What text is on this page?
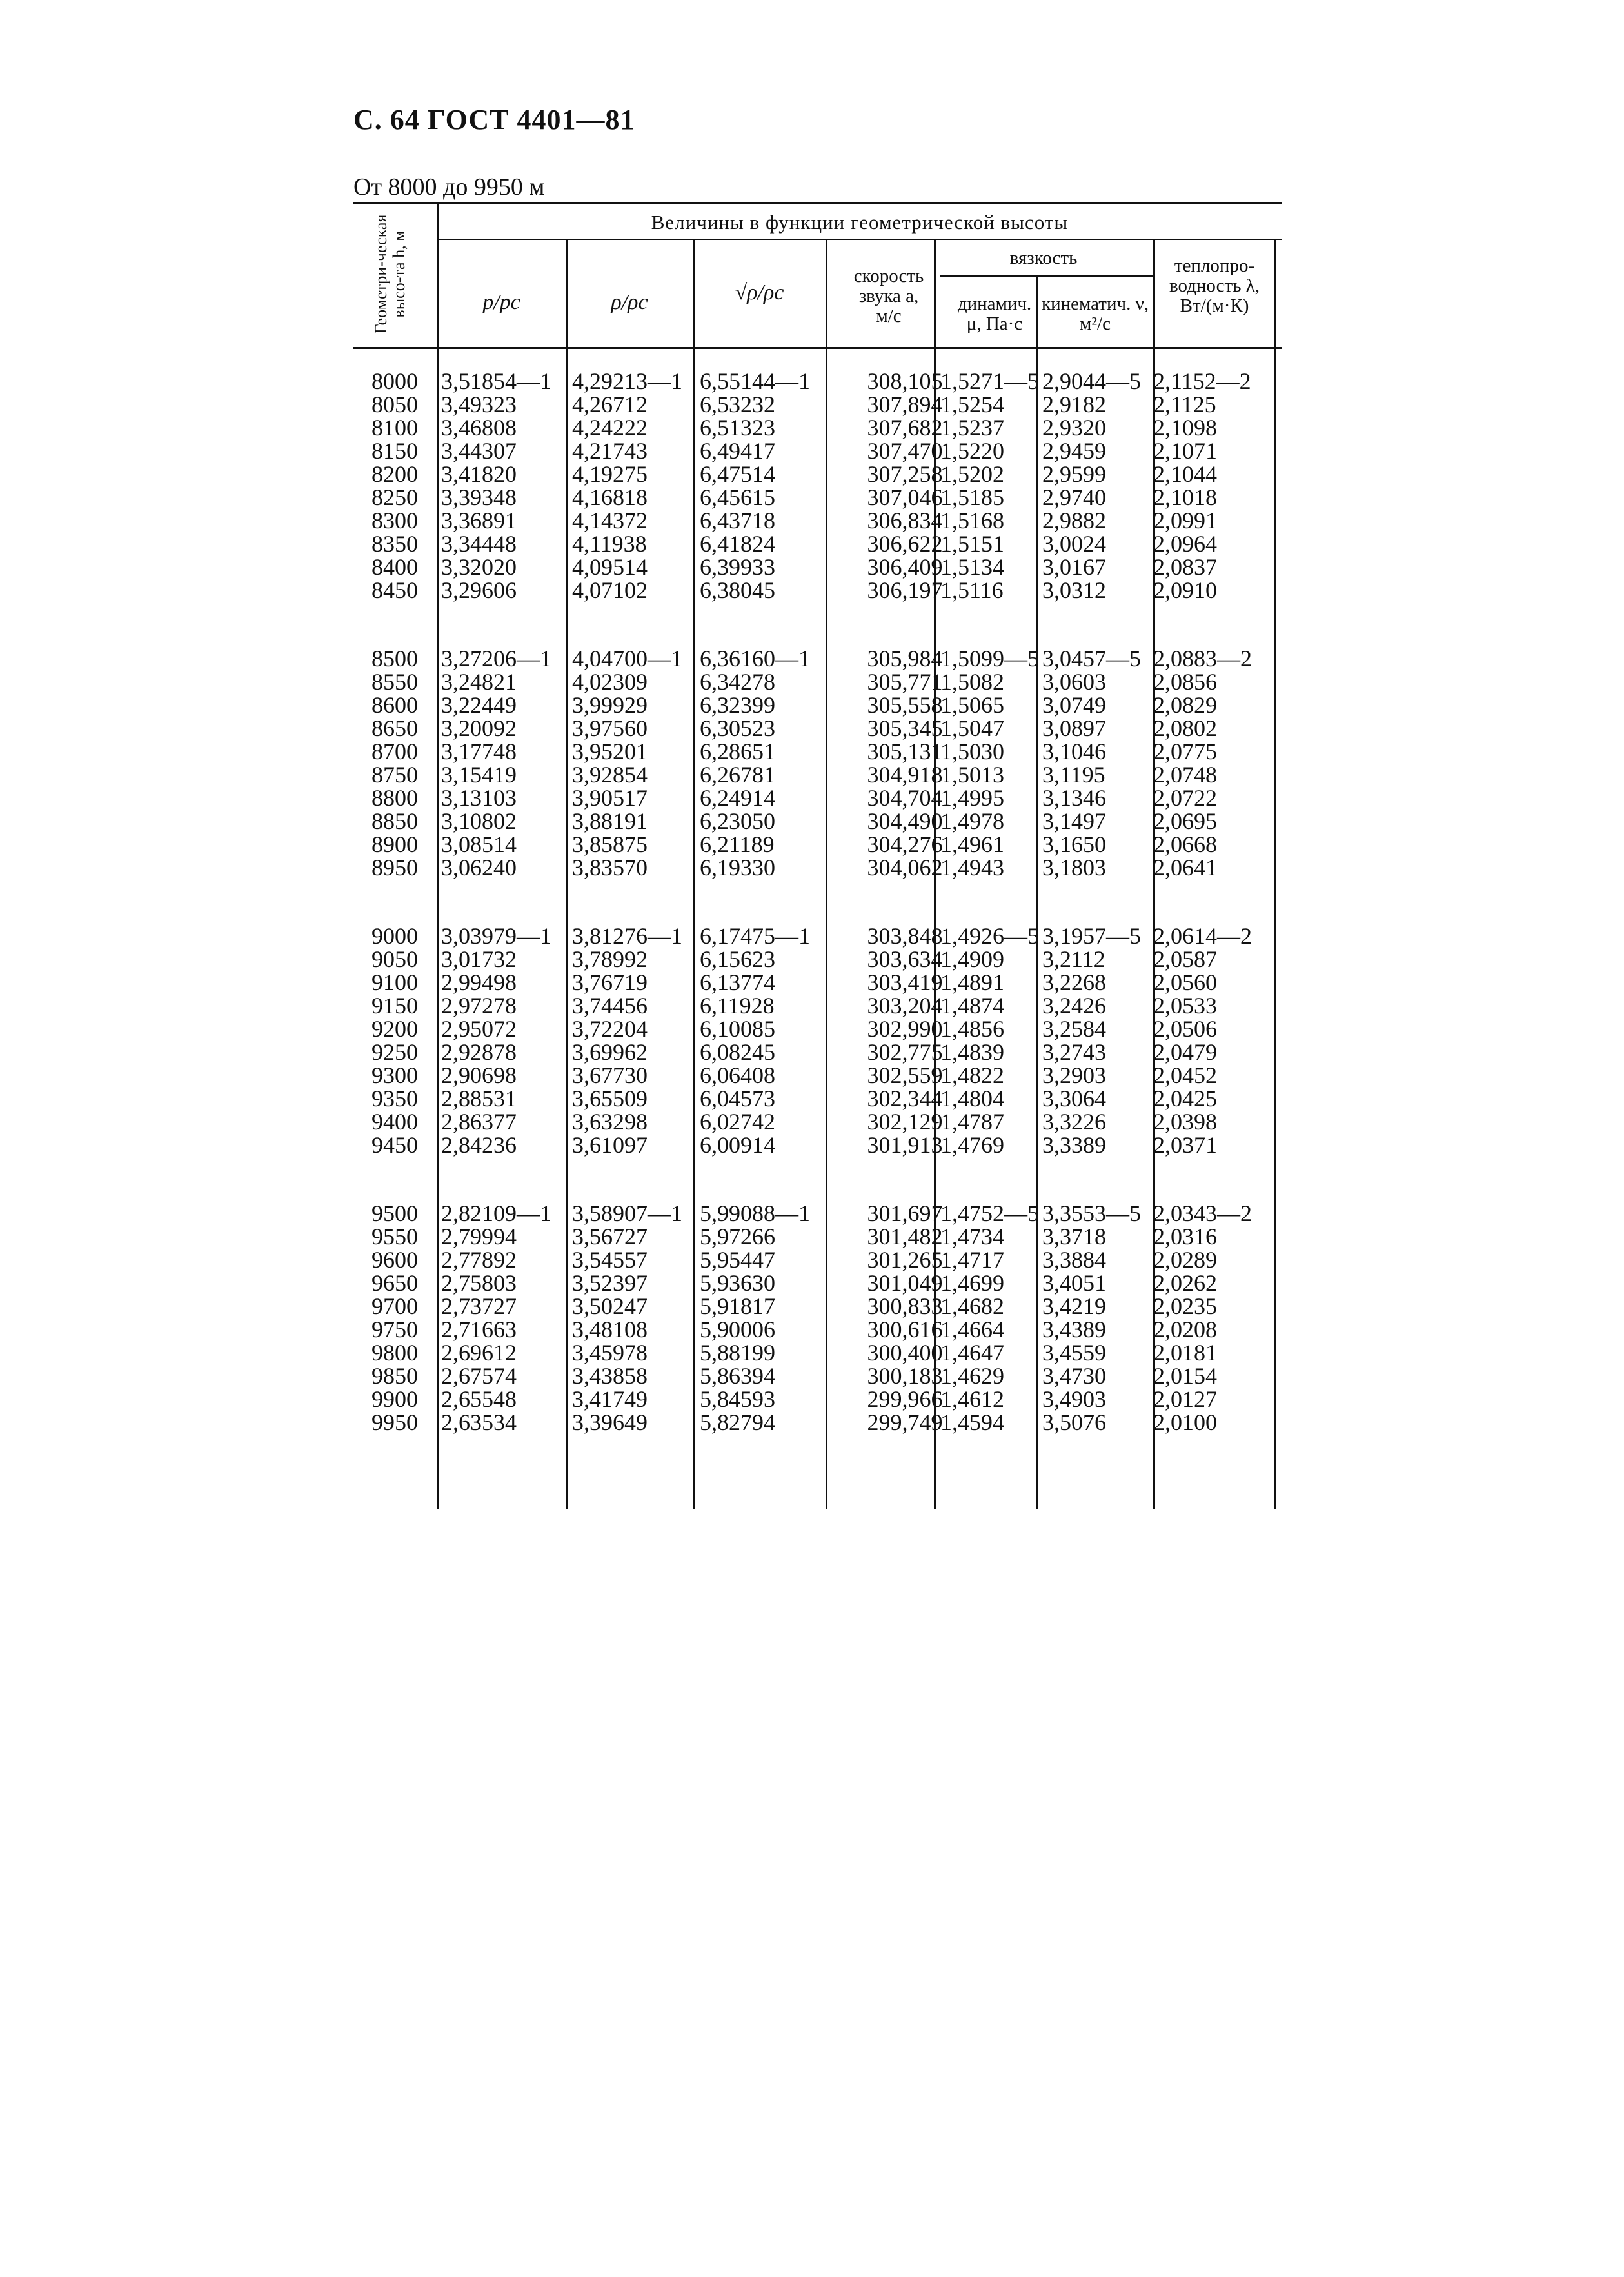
С. 64 ГОСТ 4401—81
От 8000 до 9950 м
Геометри-ческая высо-та h, м
Величины в функции геометрической высоты
p/pс	ρ/ρс	√ρ/ρс
скорость звука a, м/с
вязкость
динамич. μ, Па·с
кинематич. ν, м²/с
теплопро-водность λ, Вт/(м·К)
8000
8050
8100
8150
8200
8250
8300
8350
8400
8450
8500
8550
8600
8650
8700
8750
8800
8850
8900
8950
9000
9050
9100
9150
9200
9250
9300
9350
9400
9450
9500
9550
9600
9650
9700
9750
9800
9850
9900
9950
3,51854—1
3,49323
3,46808
3,44307
3,41820
3,39348
3,36891
3,34448
3,32020
3,29606
3,27206—1
3,24821
3,22449
3,20092
3,17748
3,15419
3,13103
3,10802
3,08514
3,06240
3,03979—1
3,01732
2,99498
2,97278
2,95072
2,92878
2,90698
2,88531
2,86377
2,84236
2,82109—1
2,79994
2,77892
2,75803
2,73727
2,71663
2,69612
2,67574
2,65548
2,63534
4,29213—1
4,26712
4,24222
4,21743
4,19275
4,16818
4,14372
4,11938
4,09514
4,07102
4,04700—1
4,02309
3,99929
3,97560
3,95201
3,92854
3,90517
3,88191
3,85875
3,83570
3,81276—1
3,78992
3,76719
3,74456
3,72204
3,69962
3,67730
3,65509
3,63298
3,61097
3,58907—1
3,56727
3,54557
3,52397
3,50247
3,48108
3,45978
3,43858
3,41749
3,39649
6,55144—1
6,53232
6,51323
6,49417
6,47514
6,45615
6,43718
6,41824
6,39933
6,38045
6,36160—1
6,34278
6,32399
6,30523
6,28651
6,26781
6,24914
6,23050
6,21189
6,19330
6,17475—1
6,15623
6,13774
6,11928
6,10085
6,08245
6,06408
6,04573
6,02742
6,00914
5,99088—1
5,97266
5,95447
5,93630
5,91817
5,90006
5,88199
5,86394
5,84593
5,82794
308,105
307,894
307,682
307,470
307,258
307,046
306,834
306,622
306,409
306,197
305,984
305,771
305,558
305,345
305,131
304,918
304,704
304,490
304,276
304,062
303,848
303,634
303,419
303,204
302,990
302,775
302,559
302,344
302,129
301,913
301,697
301,482
301,265
301,049
300,833
300,616
300,400
300,183
299,966
299,749
1,5271—5
1,5254
1,5237
1,5220
1,5202
1,5185
1,5168
1,5151
1,5134
1,5116
1,5099—5
1,5082
1,5065
1,5047
1,5030
1,5013
1,4995
1,4978
1,4961
1,4943
1,4926—5
1,4909
1,4891
1,4874
1,4856
1,4839
1,4822
1,4804
1,4787
1,4769
1,4752—5
1,4734
1,4717
1,4699
1,4682
1,4664
1,4647
1,4629
1,4612
1,4594
2,9044—5
2,9182
2,9320
2,9459
2,9599
2,9740
2,9882
3,0024
3,0167
3,0312
3,0457—5
3,0603
3,0749
3,0897
3,1046
3,1195
3,1346
3,1497
3,1650
3,1803
3,1957—5
3,2112
3,2268
3,2426
3,2584
3,2743
3,2903
3,3064
3,3226
3,3389
3,3553—5
3,3718
3,3884
3,4051
3,4219
3,4389
3,4559
3,4730
3,4903
3,5076
2,1152—2
2,1125
2,1098
2,1071
2,1044
2,1018
2,0991
2,0964
2,0837
2,0910
2,0883—2
2,0856
2,0829
2,0802
2,0775
2,0748
2,0722
2,0695
2,0668
2,0641
2,0614—2
2,0587
2,0560
2,0533
2,0506
2,0479
2,0452
2,0425
2,0398
2,0371
2,0343—2
2,0316
2,0289
2,0262
2,0235
2,0208
2,0181
2,0154
2,0127
2,0100
